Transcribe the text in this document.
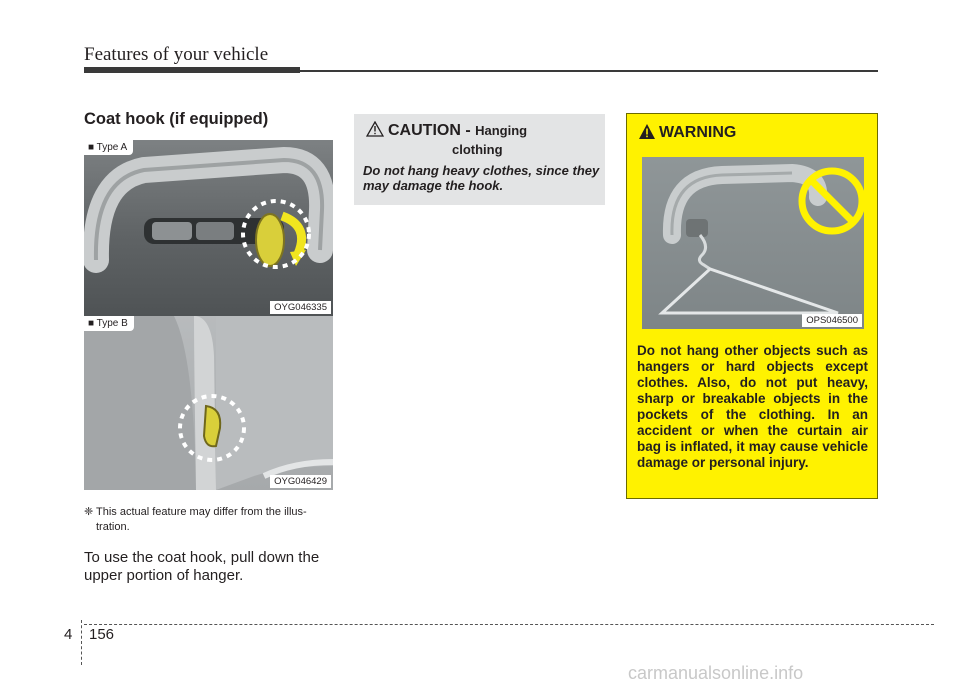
Features of your vehicle
Coat hook (if equipped)
■ Type A
OYG046335
■ Type B
OYG046429
❈ This actual feature may differ from the illus-
tration.
To use the coat hook, pull down the upper portion of hanger.
CAUTION - Hanging
clothing
Do not hang heavy clothes, since they may damage the hook.
WARNING
OPS046500
Do not hang other objects such as hangers or hard objects except clothes. Also, do not put heavy, sharp or breakable objects in the pockets of the clothing. In an accident or when the curtain air bag is inflated, it may cause vehicle damage or personal injury.
4 156
carmanualsonline.info
